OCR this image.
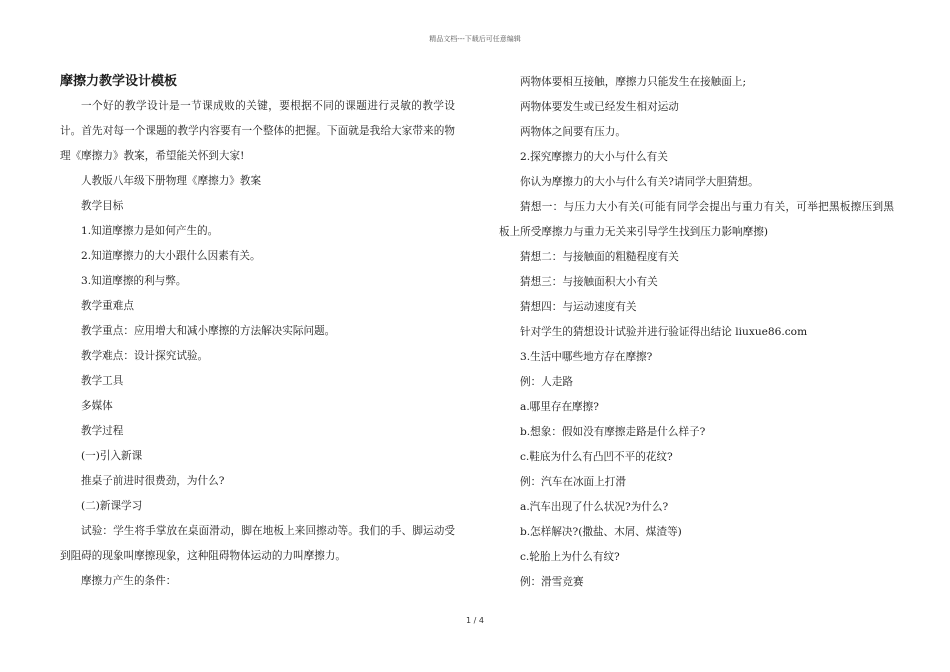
精品文档---下载后可任意编辑
摩擦力教学设计模板

一个好的教学设计是一节课成败的关键，要根据不同的课题进行灵敏的教学设计。首先对每一个课题的教学内容要有一个整体的把握。下面就是我给大家带来的物理《摩擦力》教案，希望能关怀到大家!

人教版八年级下册物理《摩擦力》教案

教学目标

1.知道摩擦力是如何产生的。

2.知道摩擦力的大小跟什么因素有关。

3.知道摩擦的利与弊。

教学重难点

教学重点：应用增大和减小摩擦的方法解决实际问题。

教学难点：设计探究试验。

教学工具

多媒体

教学过程

(一)引入新课

推桌子前进时很费劲，为什么?

(二)新课学习

试验：学生将手掌放在桌面滑动，脚在地板上来回擦动等。我们的手、脚运动受到阻碍的现象叫摩擦现象，这种阻碍物体运动的力叫摩擦力。

摩擦力产生的条件：

两物体要相互接触，摩擦力只能发生在接触面上;

两物体要发生或已经发生相对运动

两物体之间要有压力。

2.探究摩擦力的大小与什么有关

你认为摩擦力的大小与什么有关?请同学大胆猜想。

猜想一：与压力大小有关(可能有同学会提出与重力有关，可举把黑板擦压到黑板上所受摩擦力与重力无关来引导学生找到压力影响摩擦)

猜想二：与接触面的粗糙程度有关

猜想三：与接触面积大小有关

猜想四：与运动速度有关

针对学生的猜想设计试验并进行验证得出结论 liuxue86.com

3.生活中哪些地方存在摩擦?

例：人走路

a.哪里存在摩擦?

b.想象：假如没有摩擦走路是什么样子?

c.鞋底为什么有凸凹不平的花纹?

例：汽车在冰面上打滑

a.汽车出现了什么状况?为什么?

b.怎样解决?(撒盐、木屑、煤渣等)

c.轮胎上为什么有纹?

例：滑雪竞赛

1 / 4
